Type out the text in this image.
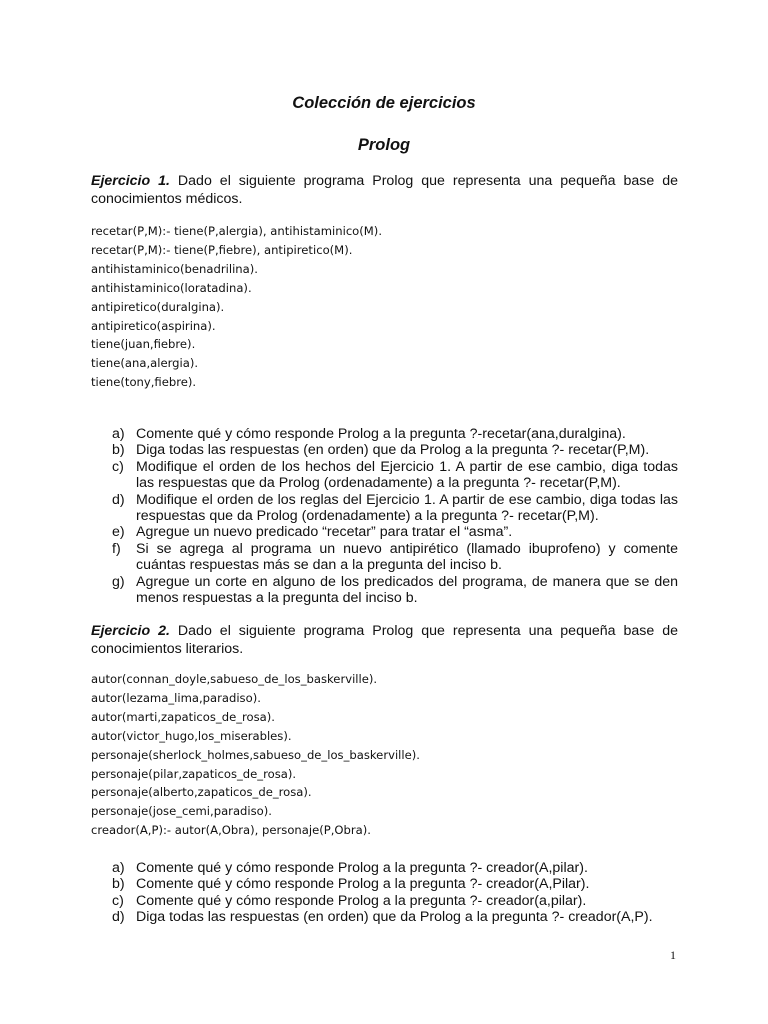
Colección de ejercicios
Prolog

Ejercicio 1. Dado el siguiente programa Prolog que representa una pequeña base de conocimientos médicos.

recetar(P,M):- tiene(P,alergia), antihistaminico(M).
recetar(P,M):- tiene(P,fiebre), antipiretico(M).
antihistaminico(benadrilina).
antihistaminico(loratadina).
antipiretico(duralgina).
antipiretico(aspirina).
tiene(juan,fiebre).
tiene(ana,alergia).
tiene(tony,fiebre).
a) Comente qué y cómo responde Prolog a la pregunta ?-recetar(ana,duralgina).
b) Diga todas las respuestas (en orden) que da Prolog a la pregunta ?- recetar(P,M).
c) Modifique el orden de los hechos del Ejercicio 1. A partir de ese cambio, diga todas las respuestas que da Prolog (ordenadamente) a la pregunta ?- recetar(P,M).
d) Modifique el orden de los reglas del Ejercicio 1. A partir de ese cambio, diga todas las respuestas que da Prolog (ordenadamente) a la pregunta ?- recetar(P,M).
e) Agregue un nuevo predicado “recetar” para tratar el “asma”.
f)	Si se agrega al programa un nuevo antipirético (llamado ibuprofeno) y comente cuántas respuestas más se dan a la pregunta del inciso b.
g) Agregue un corte en alguno de los predicados del programa, de manera que se den menos respuestas a la pregunta del inciso b.

Ejercicio 2. Dado el siguiente programa Prolog que representa una pequeña base de conocimientos literarios.

autor(connan_doyle,sabueso_de_los_baskerville).
autor(lezama_lima,paradiso).
autor(marti,zapaticos_de_rosa).
autor(victor_hugo,los_miserables).
personaje(sherlock_holmes,sabueso_de_los_baskerville).
personaje(pilar,zapaticos_de_rosa).
personaje(alberto,zapaticos_de_rosa).
personaje(jose_cemi,paradiso).
creador(A,P):- autor(A,Obra), personaje(P,Obra).
a) Comente qué y cómo responde Prolog a la pregunta ?- creador(A,pilar).
b) Comente qué y cómo responde Prolog a la pregunta ?- creador(A,Pilar).
c) Comente qué y cómo responde Prolog a la pregunta ?- creador(a,pilar).
d) Diga todas las respuestas (en orden) que da Prolog a la pregunta ?- creador(A,P).

1
